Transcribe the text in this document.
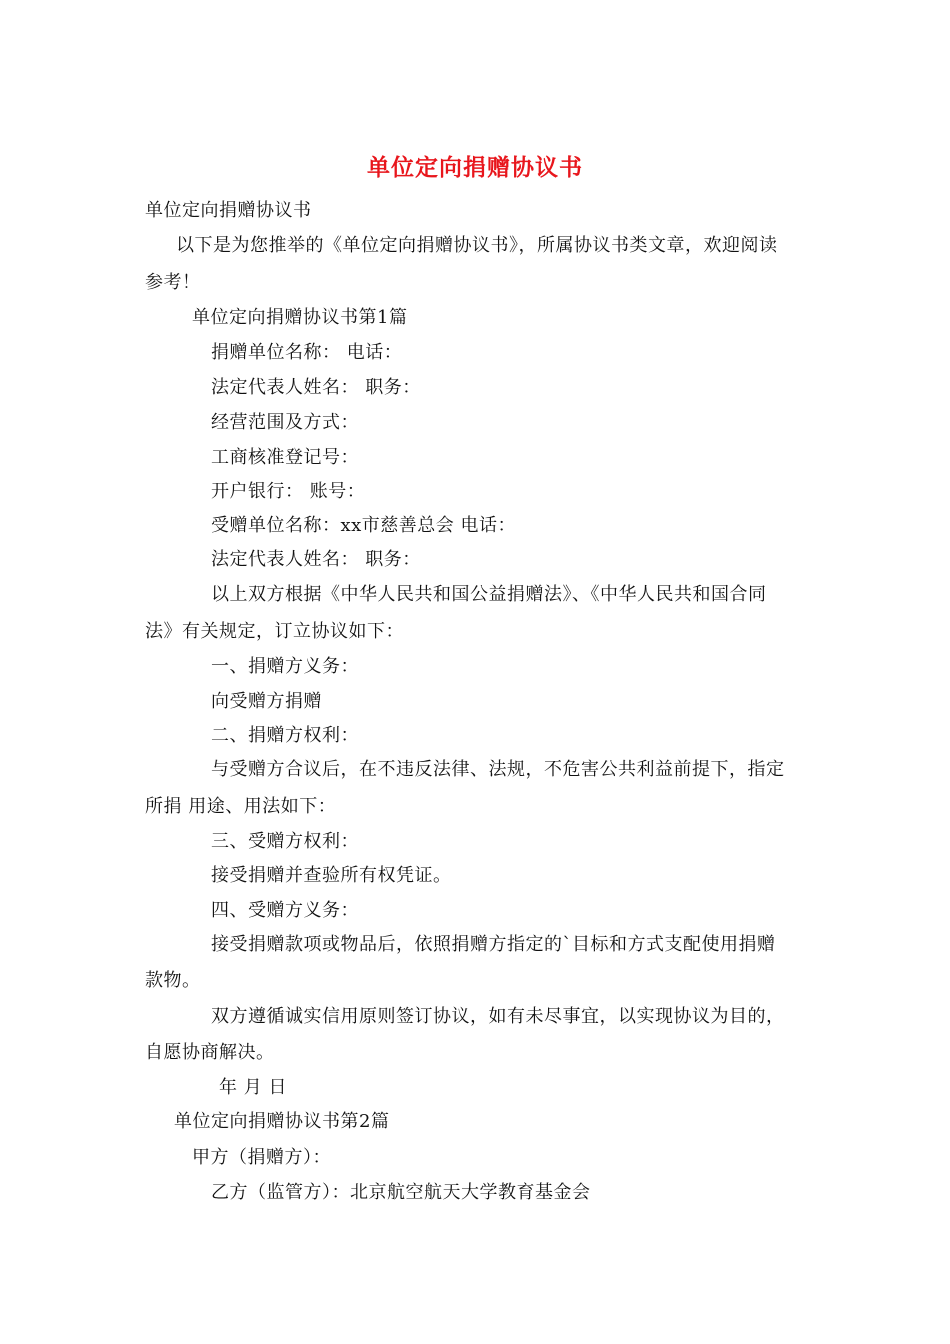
单位定向捐赠协议书
单位定向捐赠协议书
以下是为您推举的《单位定向捐赠协议书》，所属协议书类文章，欢迎阅读
参考！
单位定向捐赠协议书第1篇
捐赠单位名称： 电话：
法定代表人姓名： 职务：
经营范围及方式：
工商核准登记号：
开户银行： 账号：
受赠单位名称：xx市慈善总会 电话：
法定代表人姓名： 职务：
以上双方根据《中华人民共和国公益捐赠法》、《中华人民共和国合同
法》有关规定，订立协议如下：
一、捐赠方义务：
向受赠方捐赠
二、捐赠方权利：
与受赠方合议后，在不违反法律、法规，不危害公共利益前提下，指定
所捐 用途、用法如下：
三、受赠方权利：
接受捐赠并查验所有权凭证。
四、受赠方义务：
接受捐赠款项或物品后，依照捐赠方指定的`目标和方式支配使用捐赠
款物。
双方遵循诚实信用原则签订协议，如有未尽事宜，以实现协议为目的，
自愿协商解决。
年 月 日
单位定向捐赠协议书第2篇
甲方（捐赠方）：
乙方（监管方）：北京航空航天大学教育基金会
